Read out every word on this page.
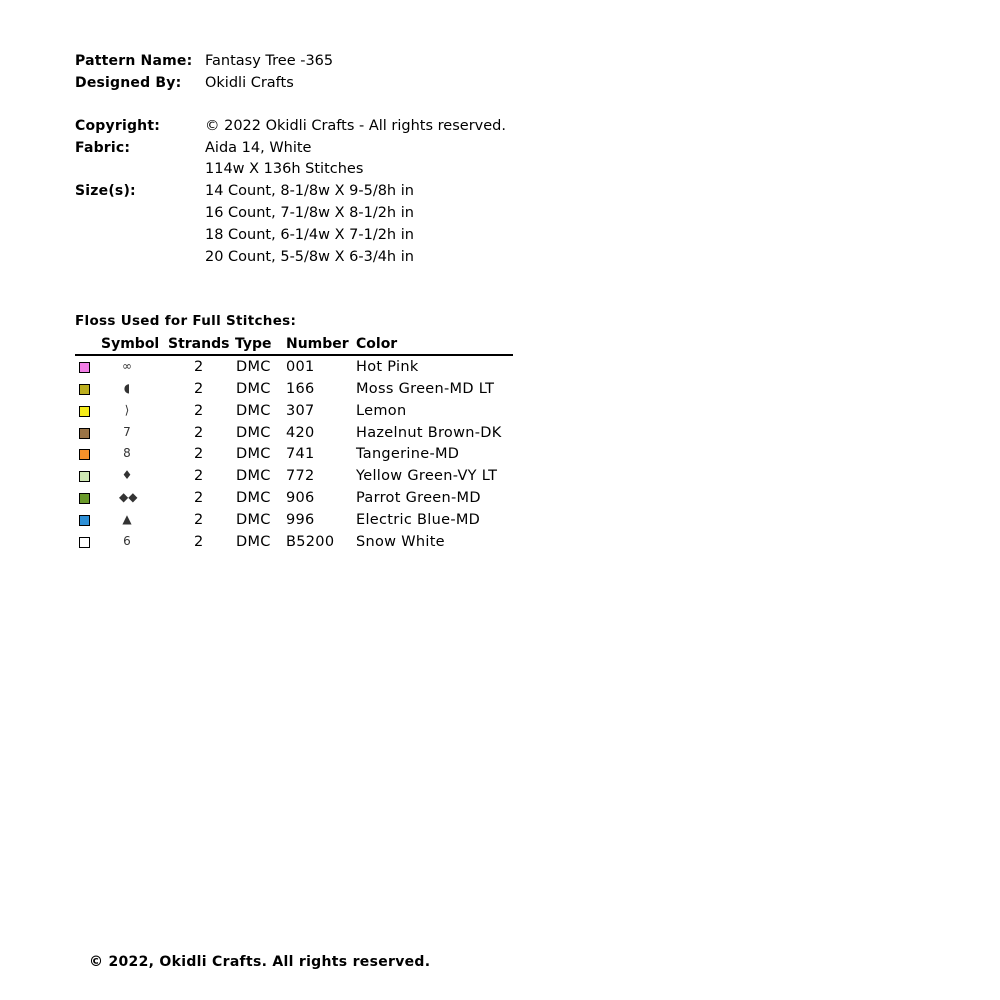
Pattern Name: Fantasy Tree -365
Designed By: Okidli Crafts
Copyright:	© 2022 Okidli Crafts - All rights reserved.
Fabric:	Aida 14, White
114w X 136h Stitches
Size(s):	14 Count, 8-1/8w X 9-5/8h in
16 Count, 7-1/8w X 8-1/2h in
18 Count, 6-1/4w X 7-1/2h in
20 Count, 5-5/8w X 6-3/4h in
Floss Used for Full Stitches:
Symbol Strands Type Number Color
∞	2 DMC 001	Hot Pink
◖	2 DMC 166	Moss Green-MD LT
⟩	2 DMC 307	Lemon
7	2 DMC 420	Hazelnut Brown-DK
8	2 DMC 741	Tangerine-MD
♦	2 DMC 772	Yellow Green-VY LT
◆◆	2 DMC 906	Parrot Green-MD
▲	2 DMC 996	Electric Blue-MD
6	2 DMC B5200 Snow White
© 2022, Okidli Crafts. All rights reserved.
